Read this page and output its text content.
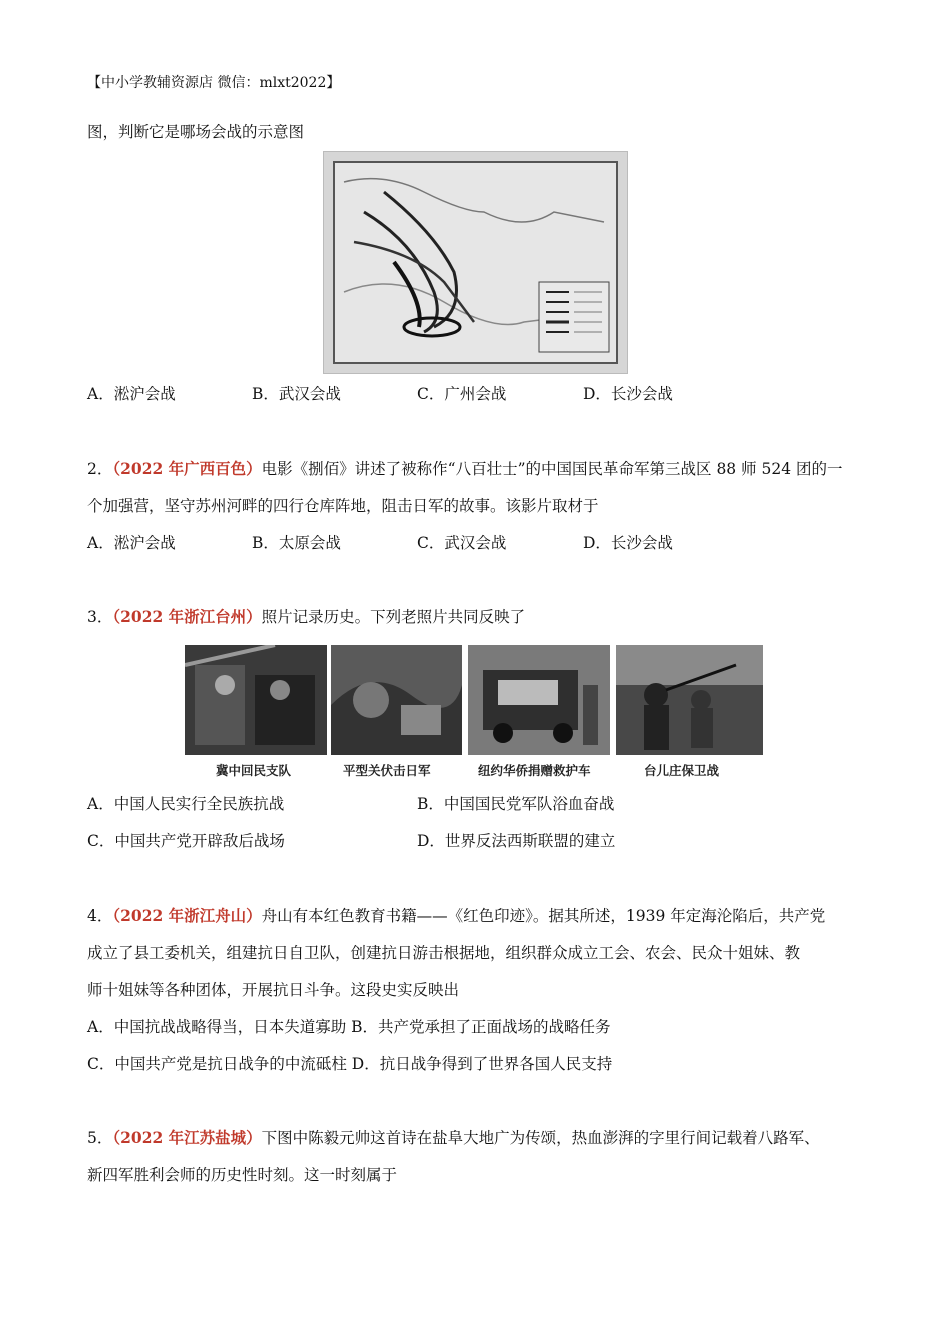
【中小学教辅资源店 微信：mlxt2022】
图，判断它是哪场会战的示意图
A．淞沪会战	B．武汉会战	C．广州会战	D．长沙会战
2．（2022 年广西百色）电影《捌佰》讲述了被称作“八百壮士”的中国国民革命军第三战区 88 师 524 团的一
个加强营，坚守苏州河畔的四行仓库阵地，阻击日军的故事。该影片取材于
A．淞沪会战	B．太原会战	C．武汉会战	D．长沙会战
3．（2022 年浙江台州）照片记录历史。下列老照片共同反映了
冀中回民支队	平型关伏击日军	纽约华侨捐赠救护车	台儿庄保卫战
A．中国人民实行全民族抗战	B．中国国民党军队浴血奋战
C．中国共产党开辟敌后战场	D．世界反法西斯联盟的建立
4．（2022 年浙江舟山）舟山有本红色教育书籍——《红色印迹》。据其所述，1939 年定海沦陷后，共产党
成立了县工委机关，组建抗日自卫队，创建抗日游击根据地，组织群众成立工会、农会、民众十姐妹、教
师十姐妹等各种团体，开展抗日斗争。这段史实反映出
A．中国抗战战略得当，日本失道寡助 B．共产党承担了正面战场的战略任务
C．中国共产党是抗日战争的中流砥柱 D．抗日战争得到了世界各国人民支持
5．（2022 年江苏盐城）下图中陈毅元帅这首诗在盐阜大地广为传颂，热血澎湃的字里行间记载着八路军、
新四军胜利会师的历史性时刻。这一时刻属于
